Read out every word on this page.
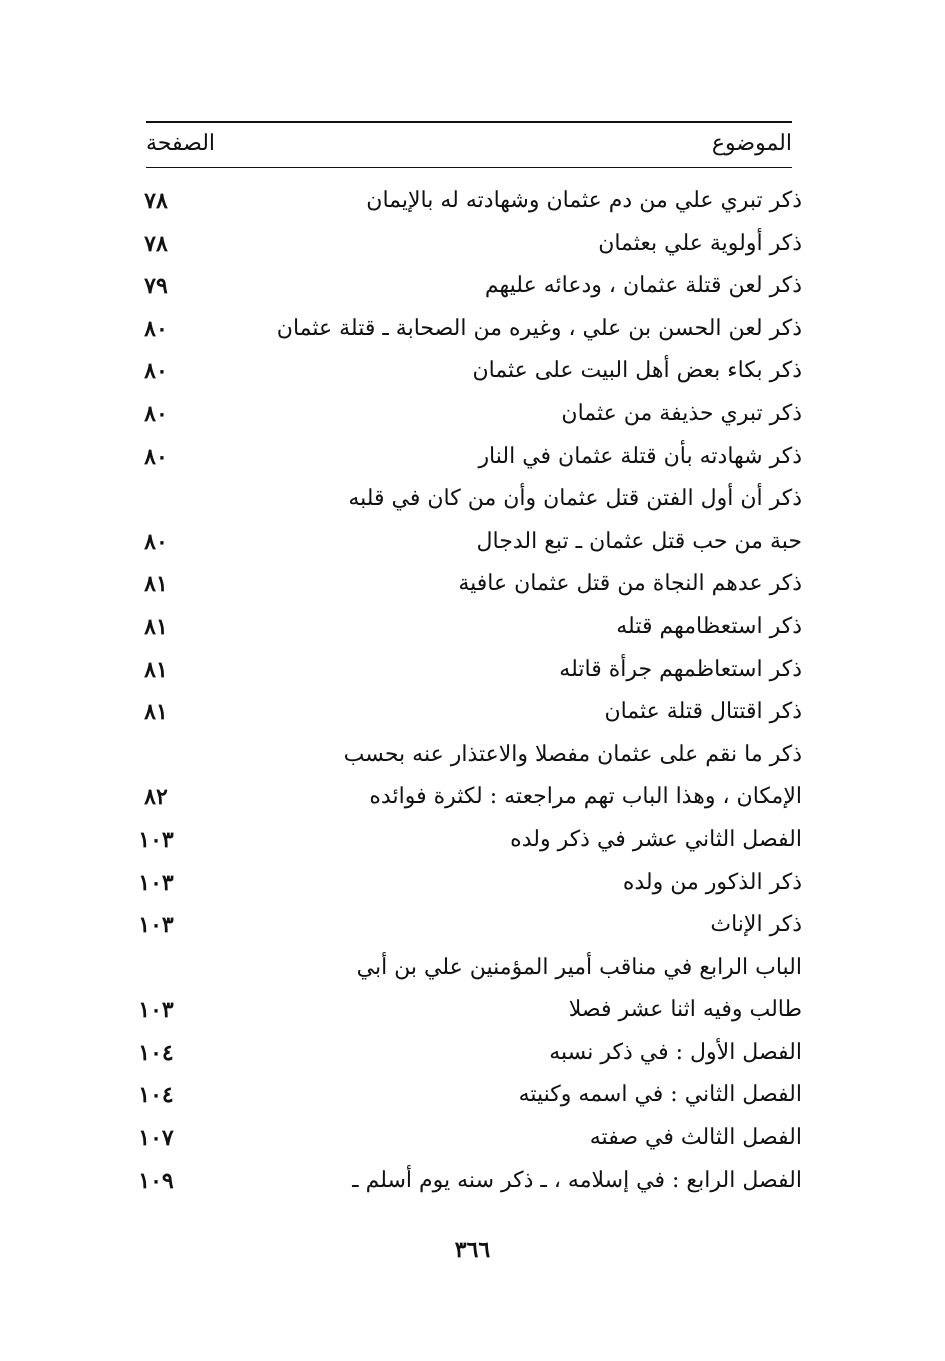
الموضوع
الصفحة
ذكر تبري علي من دم عثمان وشهادته له بالإيمان
٧٨
ذكر أولوية علي بعثمان
٧٨
ذكر لعن قتلة عثمان ، ودعائه عليهم
٧٩
ذكر لعن الحسن بن علي ، وغيره من الصحابة ـ قتلة عثمان
٨٠
ذكر بكاء بعض أهل البيت على عثمان
٨٠
ذكر تبري حذيفة من عثمان
٨٠
ذكر شهادته بأن قتلة عثمان في النار
٨٠
ذكر أن أول الفتن قتل عثمان وأن من كان في قلبه
حبة من حب قتل عثمان ـ تبع الدجال
٨٠
ذكر عدهم النجاة من قتل عثمان عافية
٨١
ذكر استعظامهم قتله
٨١
ذكر استعاظمهم جرأة قاتله
٨١
ذكر اقتتال قتلة عثمان
٨١
ذكر ما نقم على عثمان مفصلا والاعتذار عنه بحسب
الإمكان ، وهذا الباب تهم مراجعته : لكثرة فوائده
٨٢
الفصل الثاني عشر في ذكر ولده
١٠٣
ذكر الذكور من ولده
١٠٣
ذكر الإناث
١٠٣
الباب الرابع في مناقب أمير المؤمنين علي بن أبي
طالب وفيه اثنا عشر فصلا
١٠٣
الفصل الأول : في ذكر نسبه
١٠٤
الفصل الثاني : في اسمه وكنيته
١٠٤
الفصل الثالث في صفته
١٠٧
الفصل الرابع : في إسلامه ، ـ ذكر سنه يوم أسلم ـ
١٠٩
٣٦٦
